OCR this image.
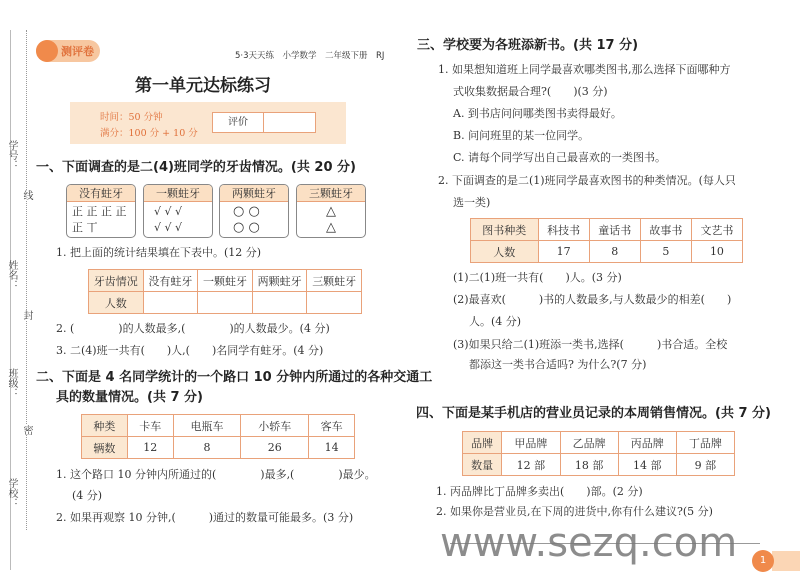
学号：
姓名：
班级：
学校：
线
封
密
测评卷	5·3天天练　小学数学　二年级下册　RJ
第一单元达标练习
时间：50 分钟
满分：100 分 + 10 分
评价
一、下面调查的是二(4)班同学的牙齿情况。(共 20 分)
没有蛀牙
正 正 正 正
正 丅
一颗蛀牙
√ √ √
√ √ √
两颗蛀牙
○ ○
○ ○
三颗蛀牙
△
△
1. 把上面的统计结果填在下表中。(12 分)
牙齿情况	没有蛀牙	一颗蛀牙	两颗蛀牙	三颗蛀牙
人数				
2. (　　　　)的人数最多,(　　　　)的人数最少。(4 分)
3. 二(4)班一共有(　　)人,(　　)名同学有蛀牙。(4 分)
二、下面是 4 名同学统计的一个路口 10 分钟内所通过的各种交通工
具的数量情况。(共 7 分)
种类	卡车	电瓶车	小轿车	客车
辆数	12	8	26	14
1. 这个路口 10 分钟内所通过的(　　　　)最多,(　　　　)最少。
(4 分)
2. 如果再观察 10 分钟,(　　　)通过的数量可能最多。(3 分)
三、学校要为各班添新书。(共 17 分)
1. 如果想知道班上同学最喜欢哪类图书,那么选择下面哪种方
式收集数据最合理?(　　)(3 分)
A. 到书店问问哪类图书卖得最好。
B. 问问班里的某一位同学。
C. 请每个同学写出自己最喜欢的一类图书。
2. 下面调查的是二(1)班同学最喜欢图书的种类情况。(每人只
选一类)
图书种类	科技书	童话书	故事书	文艺书
人数	17	8	5	10
(1)二(1)班一共有(　　)人。(3 分)
(2)最喜欢(　　　)书的人数最多,与人数最少的相差(　　)
人。(4 分)
(3)如果只给二(1)班添一类书,选择(　　　)书合适。全校
都添这一类书合适吗? 为什么?(7 分)
四、下面是某手机店的营业员记录的本周销售情况。(共 7 分)
品牌	甲品牌	乙品牌	丙品牌	丁品牌
数量	12 部	18 部	14 部	9 部
1. 丙品牌比丁品牌多卖出(　　)部。(2 分)
2. 如果你是营业员,在下周的进货中,你有什么建议?(5 分)
www.sezq.com	1
